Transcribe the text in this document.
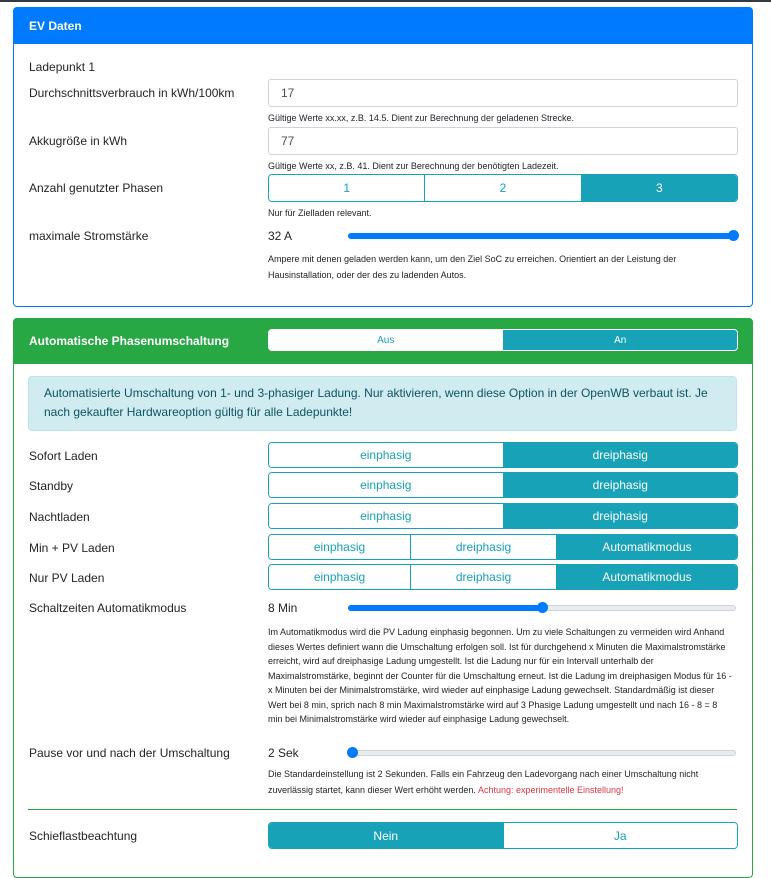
EV Daten
Ladepunkt 1
Durchschnittsverbrauch in kWh/100km	17
Gültige Werte xx.xx, z.B. 14.5. Dient zur Berechnung der geladenen Strecke.
Akkugröße in kWh	77
Gültige Werte xx, z.B. 41. Dient zur Berechnung der benötigten Ladezeit.
Anzahl genutzter Phasen	1	2	3
Nur für Zielladen relevant.
maximale Stromstärke	32 A
Ampere mit denen geladen werden kann, um den Ziel SoC zu erreichen. Orientiert an der Leistung der Hausinstallation, oder der des zu ladenden Autos.
Automatische Phasenumschaltung	Aus	An
Automatisierte Umschaltung von 1- und 3-phasiger Ladung. Nur aktivieren, wenn diese Option in der OpenWB verbaut ist. Je nach gekaufter Hardwareoption gültig für alle Ladepunkte!
Sofort Laden	einphasig	dreiphasig
Standby	einphasig	dreiphasig
Nachtladen	einphasig	dreiphasig
Min + PV Laden	einphasig	dreiphasig	Automatikmodus
Nur PV Laden	einphasig	dreiphasig	Automatikmodus
Schaltzeiten Automatikmodus	8 Min
Im Automatikmodus wird die PV Ladung einphasig begonnen. Um zu viele Schaltungen zu vermeiden wird Anhand dieses Wertes definiert wann die Umschaltung erfolgen soll. Ist für durchgehend x Minuten die Maximalstromstärke erreicht, wird auf dreiphasige Ladung umgestellt. Ist die Ladung nur für ein Intervall unterhalb der Maximalstromstärke, beginnt der Counter für die Umschaltung erneut. Ist die Ladung im dreiphasigen Modus für 16 - x Minuten bei der Minimalstromstärke, wird wieder auf einphasige Ladung gewechselt. Standardmäßig ist dieser Wert bei 8 min, sprich nach 8 min Maximalstromstärke wird auf 3 Phasige Ladung umgestellt und nach 16 - 8 = 8 min bei Minimalstromstärke wird wieder auf einphasige Ladung gewechselt.
Pause vor und nach der Umschaltung	2 Sek
Die Standardeinstellung ist 2 Sekunden. Falls ein Fahrzeug den Ladevorgang nach einer Umschaltung nicht zuverlässig startet, kann dieser Wert erhöht werden. Achtung: experimentelle Einstellung!
Schieflastbeachtung	Nein	Ja
